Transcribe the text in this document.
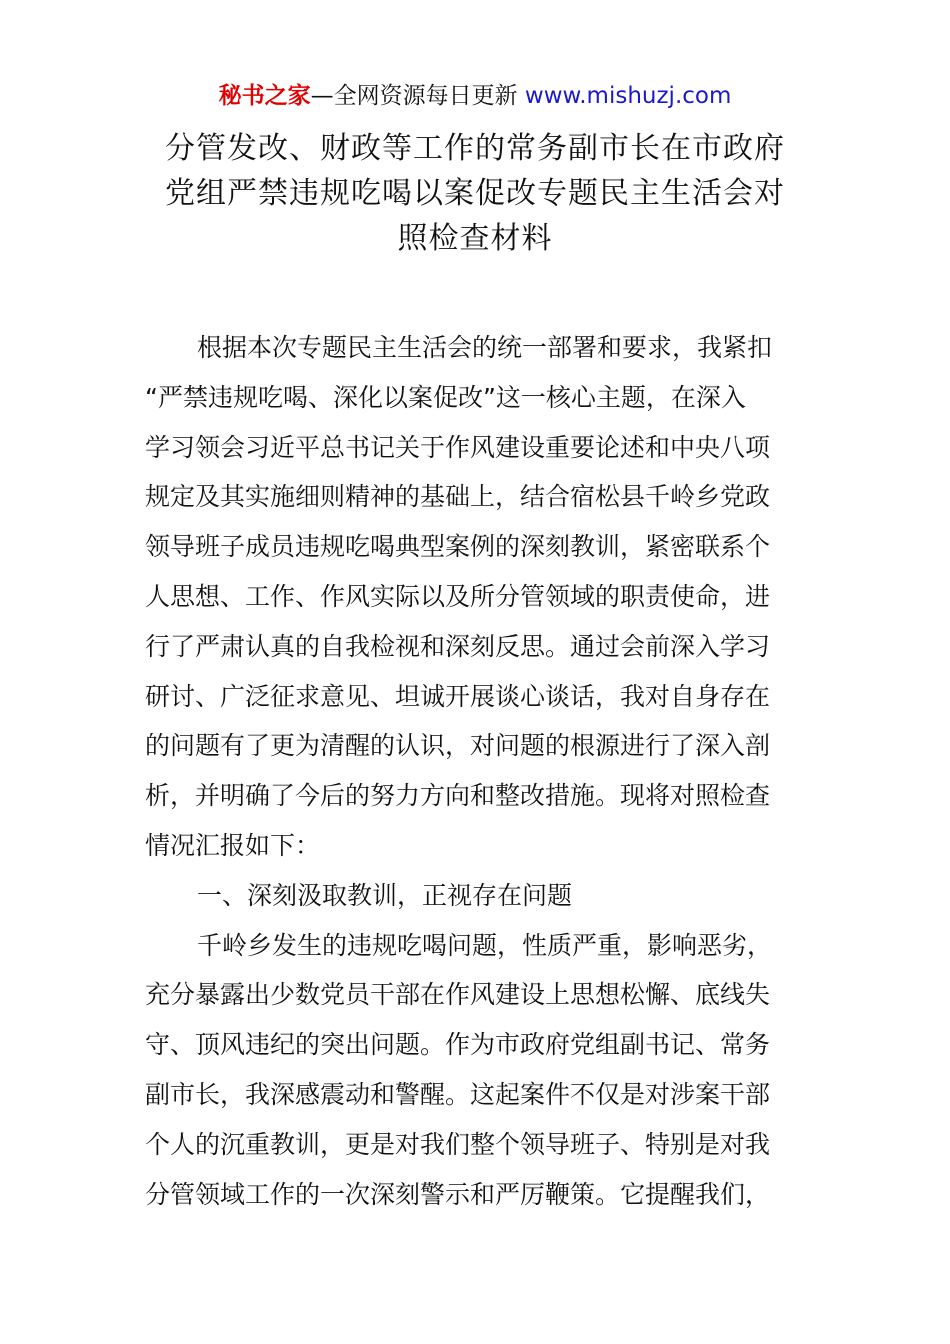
秘书之家—全网资源每日更新 www.mishuzj.com
分管发改、财政等工作的常务副市长在市政府
党组严禁违规吃喝以案促改专题民主生活会对
照检查材料
根据本次专题民主生活会的统一部署和要求，我紧扣
“严禁违规吃喝、深化以案促改”这一核心主题，在深入
学习领会习近平总书记关于作风建设重要论述和中央八项
规定及其实施细则精神的基础上，结合宿松县千岭乡党政
领导班子成员违规吃喝典型案例的深刻教训，紧密联系个
人思想、工作、作风实际以及所分管领域的职责使命，进
行了严肃认真的自我检视和深刻反思。通过会前深入学习
研讨、广泛征求意见、坦诚开展谈心谈话，我对自身存在
的问题有了更为清醒的认识，对问题的根源进行了深入剖
析，并明确了今后的努力方向和整改措施。现将对照检查
情况汇报如下：
一、深刻汲取教训，正视存在问题
千岭乡发生的违规吃喝问题，性质严重，影响恶劣，
充分暴露出少数党员干部在作风建设上思想松懈、底线失
守、顶风违纪的突出问题。作为市政府党组副书记、常务
副市长，我深感震动和警醒。这起案件不仅是对涉案干部
个人的沉重教训，更是对我们整个领导班子、特别是对我
分管领域工作的一次深刻警示和严厉鞭策。它提醒我们，
